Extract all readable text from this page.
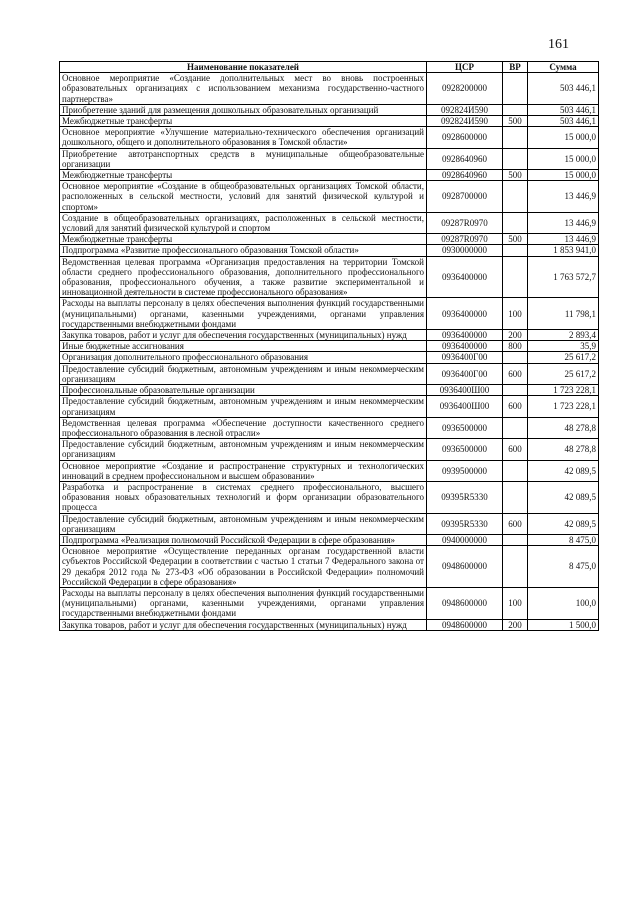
161
Наименование показателей	ЦСР	ВР	Сумма
Основное мероприятие «Создание дополнительных мест во вновь построенных образовательных организациях с использованием механизма государственно-частного партнерства»	0928200000		503 446,1
Приобретение зданий для размещения дошкольных образовательных организаций	092824И590		503 446,1
Межбюджетные трансферты	092824И590	500	503 446,1
Основное мероприятие «Улучшение материально-технического обеспечения организаций дошкольного, общего и дополнительного образования в Томской области»	0928600000		15 000,0
Приобретение автотранспортных средств в муниципальные общеобразовательные организации	0928640960		15 000,0
Межбюджетные трансферты	0928640960	500	15 000,0
Основное мероприятие «Создание в общеобразовательных организациях Томской области, расположенных в сельской местности, условий для занятий физической культурой и спортом»	0928700000		13 446,9
Создание в общеобразовательных организациях, расположенных в сельской местности, условий для занятий физической культурой и спортом	09287R0970		13 446,9
Межбюджетные трансферты	09287R0970	500	13 446,9
Подпрограмма «Развитие профессионального образования Томской области»	0930000000		1 853 941,0
Ведомственная целевая программа «Организация предоставления на территории Томской области среднего профессионального образования, дополнительного профессионального образования, профессионального обучения, а также развитие экспериментальной и инновационной деятельности в системе профессионального образования»	0936400000		1 763 572,7
Расходы на выплаты персоналу в целях обеспечения выполнения функций государственными (муниципальными) органами, казенными учреждениями, органами управления государственными внебюджетными фондами	0936400000	100	11 798,1
Закупка товаров, работ и услуг для обеспечения государственных (муниципальных) нужд	0936400000	200	2 893,4
Иные бюджетные ассигнования	0936400000	800	35,9
Организация дополнительного профессионального образования	0936400Г00		25 617,2
Предоставление субсидий бюджетным, автономным учреждениям и иным некоммерческим организациям	0936400Г00	600	25 617,2
Профессиональные образовательные организации	0936400Ш00		1 723 228,1
Предоставление субсидий бюджетным, автономным учреждениям и иным некоммерческим организациям	0936400Ш00	600	1 723 228,1
Ведомственная целевая программа «Обеспечение доступности качественного среднего профессионального образования в лесной отрасли»	0936500000		48 278,8
Предоставление субсидий бюджетным, автономным учреждениям и иным некоммерческим организациям	0936500000	600	48 278,8
Основное мероприятие «Создание и распространение структурных и технологических инноваций в среднем профессиональном и высшем образовании»	0939500000		42 089,5
Разработка и распространение в системах среднего профессионального, высшего образования новых образовательных технологий и форм организации образовательного процесса	09395R5330		42 089,5
Предоставление субсидий бюджетным, автономным учреждениям и иным некоммерческим организациям	09395R5330	600	42 089,5
Подпрограмма «Реализация полномочий Российской Федерации в сфере образования»	0940000000		8 475,0
Основное мероприятие «Осуществление переданных органам государственной власти субъектов Российской Федерации в соответствии с частью 1 статьи 7 Федерального закона от 29 декабря 2012 года № 273-ФЗ «Об образовании в Российской Федерации» полномочий Российской Федерации в сфере образования»	0948600000		8 475,0
Расходы на выплаты персоналу в целях обеспечения выполнения функций государственными (муниципальными) органами, казенными учреждениями, органами управления государственными внебюджетными фондами	0948600000	100	100,0
Закупка товаров, работ и услуг для обеспечения государственных (муниципальных) нужд	0948600000	200	1 500,0
